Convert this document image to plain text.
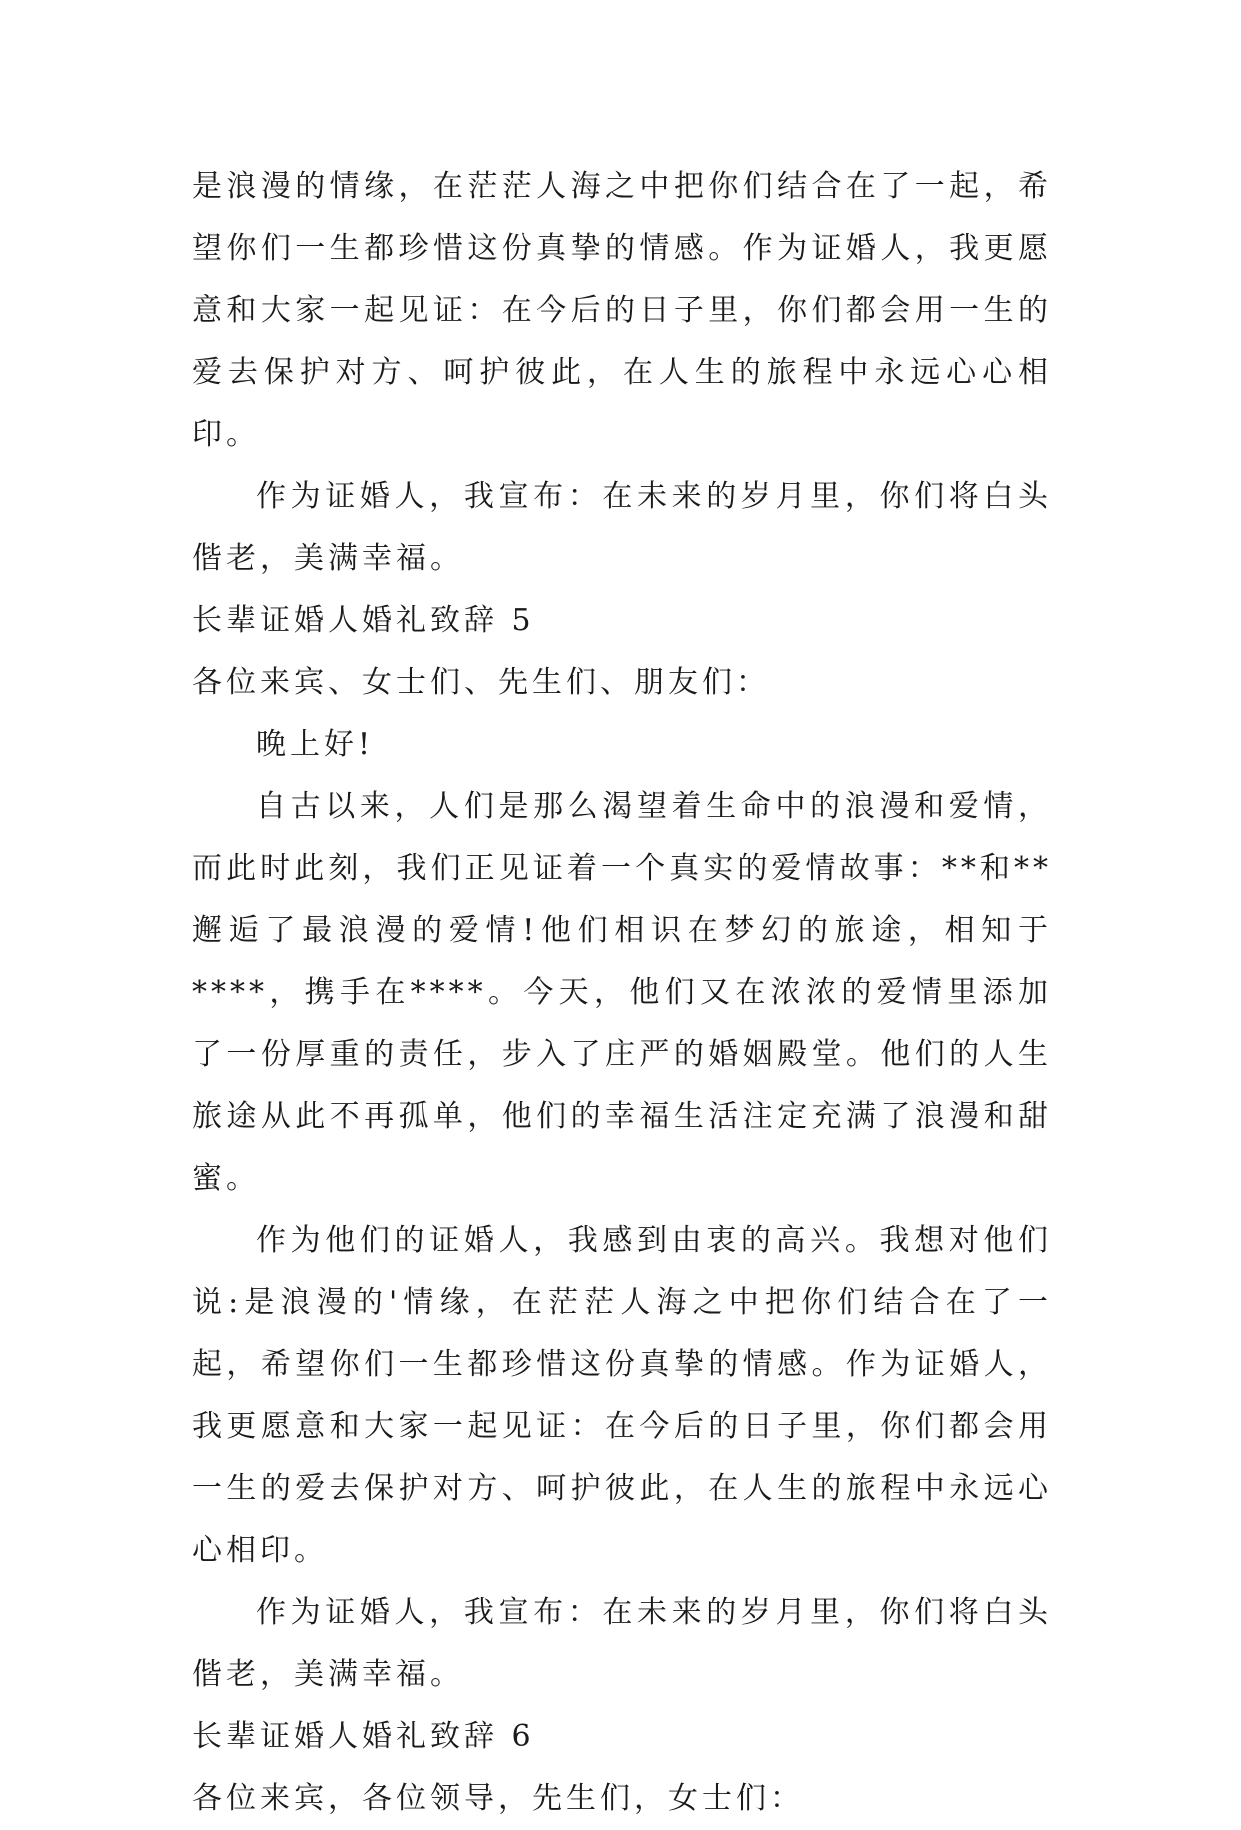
是浪漫的情缘，在茫茫人海之中把你们结合在了一起，希望你们一生都珍惜这份真挚的情感。作为证婚人，我更愿意和大家一起见证：在今后的日子里，你们都会用一生的爱去保护对方、呵护彼此，在人生的旅程中永远心心相印。

作为证婚人，我宣布：在未来的岁月里，你们将白头偕老，美满幸福。

长辈证婚人婚礼致辞 5

各位来宾、女士们、先生们、朋友们：

晚上好!

自古以来，人们是那么渴望着生命中的浪漫和爱情，而此时此刻，我们正见证着一个真实的爱情故事：**和**邂逅了最浪漫的爱情!他们相识在梦幻的旅途，相知于****，携手在****。今天，他们又在浓浓的爱情里添加了一份厚重的责任，步入了庄严的婚姻殿堂。他们的人生旅途从此不再孤单，他们的幸福生活注定充满了浪漫和甜蜜。

作为他们的证婚人，我感到由衷的高兴。我想对他们说:是浪漫的'情缘，在茫茫人海之中把你们结合在了一起，希望你们一生都珍惜这份真挚的情感。作为证婚人，我更愿意和大家一起见证：在今后的日子里，你们都会用一生的爱去保护对方、呵护彼此，在人生的旅程中永远心心相印。

作为证婚人，我宣布：在未来的岁月里，你们将白头偕老，美满幸福。

长辈证婚人婚礼致辞 6

各位来宾，各位领导，先生们，女士们：
